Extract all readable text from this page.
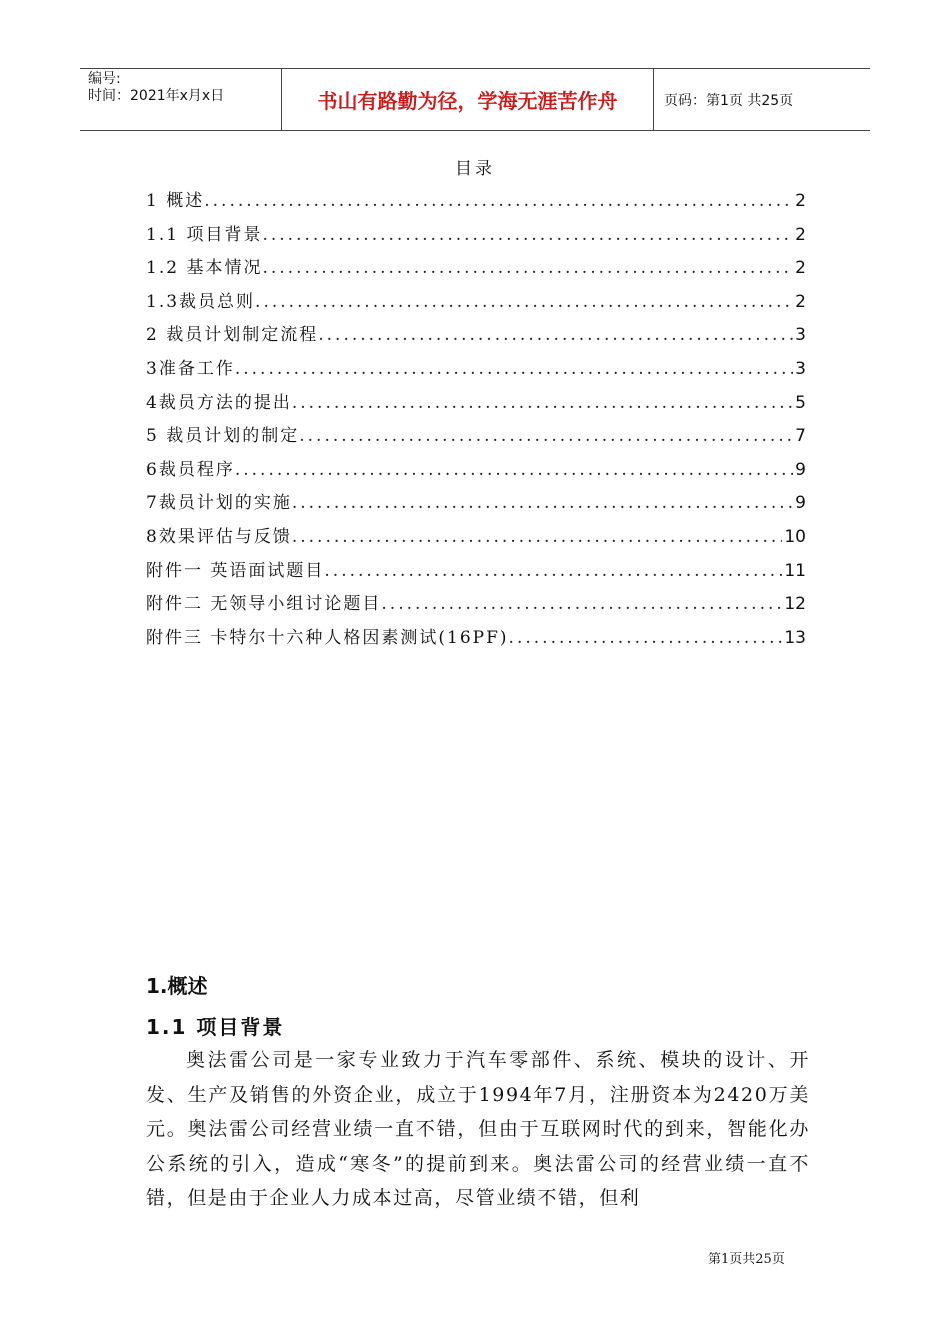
编号:
时间：2021年x月x日	书山有路勤为径，学海无涯苦作舟	页码：第1页 共25页
目录
1 概述 .....	2
1.1 项目背景 .....	2
1.2 基本情况 .....	2
1.3裁员总则 .....	2
2 裁员计划制定流程 .....	3
3准备工作 .....	3
4裁员方法的提出 .....	5
5 裁员计划的制定 .....	7
6裁员程序 .....	9
7裁员计划的实施 .....	9
8效果评估与反馈 .....	10
附件一 英语面试题目 .....	11
附件二 无领导小组讨论题目 .....	12
附件三 卡特尔十六种人格因素测试(16PF) .....	13
1.概述
1.1 项目背景

奥法雷公司是一家专业致力于汽车零部件、系统、模块的设计、开发、生产及销售的外资企业，成立于1994年7月，注册资本为2420万美元。奥法雷公司经营业绩一直不错，但由于互联网时代的到来，智能化办公系统的引入，造成“寒冬”的提前到来。奥法雷公司的经营业绩一直不错，但是由于企业人力成本过高，尽管业绩不错，但利

第1页共25页
